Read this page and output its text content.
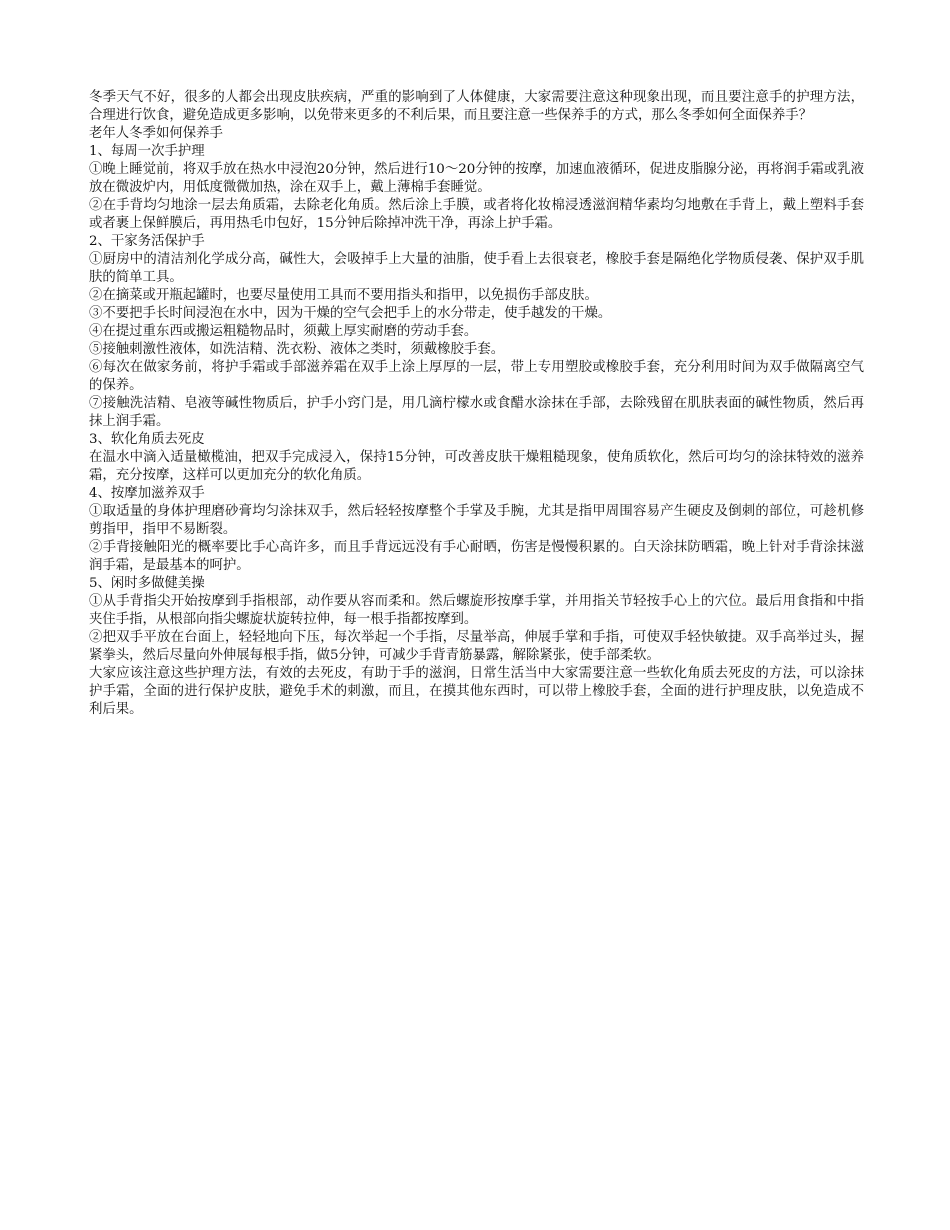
冬季天气不好，很多的人都会出现皮肤疾病，严重的影响到了人体健康，大家需要注意这种现象出现，而且要注意手的护理方法，合理进行饮食，避免造成更多影响，以免带来更多的不利后果，而且要注意一些保养手的方式，那么冬季如何全面保养手？

老年人冬季如何保养手

1、每周一次手护理

①晚上睡觉前，将双手放在热水中浸泡20分钟，然后进行10～20分钟的按摩，加速血液循环，促进皮脂腺分泌，再将润手霜或乳液放在微波炉内，用低度微微加热，涂在双手上，戴上薄棉手套睡觉。

②在手背均匀地涂一层去角质霜，去除老化角质。然后涂上手膜，或者将化妆棉浸透滋润精华素均匀地敷在手背上，戴上塑料手套或者裹上保鲜膜后，再用热毛巾包好，15分钟后除掉冲洗干净，再涂上护手霜。

2、干家务活保护手

①厨房中的清洁剂化学成分高，碱性大，会吸掉手上大量的油脂，使手看上去很衰老，橡胶手套是隔绝化学物质侵袭、保护双手肌肤的简单工具。

②在摘菜或开瓶起罐时，也要尽量使用工具而不要用指头和指甲，以免损伤手部皮肤。

③不要把手长时间浸泡在水中，因为干燥的空气会把手上的水分带走，使手越发的干燥。

④在提过重东西或搬运粗糙物品时，须戴上厚实耐磨的劳动手套。

⑤接触刺激性液体，如洗洁精、洗衣粉、液体之类时，须戴橡胶手套。

⑥每次在做家务前，将护手霜或手部滋养霜在双手上涂上厚厚的一层，带上专用塑胶或橡胶手套，充分利用时间为双手做隔离空气的保养。

⑦接触洗洁精、皂液等碱性物质后，护手小窍门是，用几滴柠檬水或食醋水涂抹在手部，去除残留在肌肤表面的碱性物质，然后再抹上润手霜。

3、软化角质去死皮

在温水中滴入适量橄榄油，把双手完成浸入，保持15分钟，可改善皮肤干燥粗糙现象，使角质软化，然后可均匀的涂抹特效的滋养霜，充分按摩，这样可以更加充分的软化角质。

4、按摩加滋养双手

①取适量的身体护理磨砂膏均匀涂抹双手，然后轻轻按摩整个手掌及手腕，尤其是指甲周围容易产生硬皮及倒刺的部位，可趁机修剪指甲，指甲不易断裂。

②手背接触阳光的概率要比手心高许多，而且手背远远没有手心耐晒，伤害是慢慢积累的。白天涂抹防晒霜，晚上针对手背涂抹滋润手霜，是最基本的呵护。

5、闲时多做健美操

①从手背指尖开始按摩到手指根部，动作要从容而柔和。然后螺旋形按摩手掌，并用指关节轻按手心上的穴位。最后用食指和中指夹住手指，从根部向指尖螺旋状旋转拉伸，每一根手指都按摩到。

②把双手平放在台面上，轻轻地向下压，每次举起一个手指，尽量举高，伸展手掌和手指，可使双手轻快敏捷。双手高举过头，握紧拳头，然后尽量向外伸展每根手指，做5分钟，可减少手背青筋暴露，解除紧张，使手部柔软。

大家应该注意这些护理方法，有效的去死皮，有助于手的滋润，日常生活当中大家需要注意一些软化角质去死皮的方法，可以涂抹护手霜，全面的进行保护皮肤，避免手术的刺激，而且，在摸其他东西时，可以带上橡胶手套，全面的进行护理皮肤，以免造成不利后果。
